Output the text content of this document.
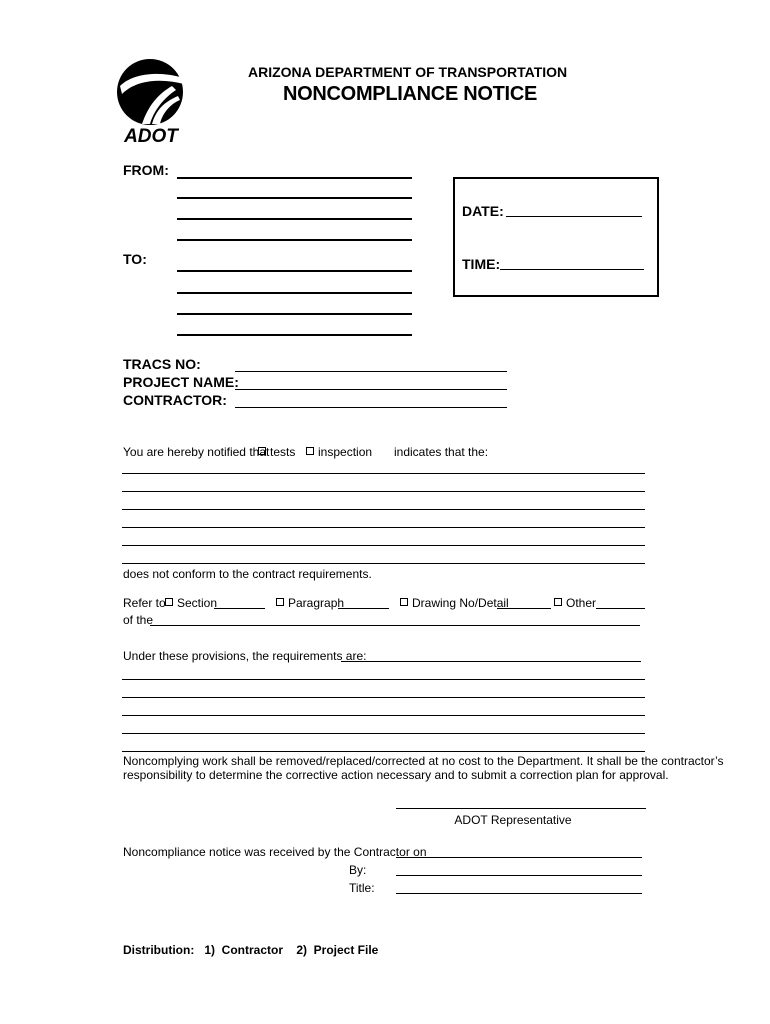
ADOT
ARIZONA DEPARTMENT OF TRANSPORTATION
NONCOMPLIANCE NOTICE
FROM:
TO:
DATE:
TIME:
TRACS NO:
PROJECT NAME:
CONTRACTOR:
You are hereby notified that tests	inspection indicates that the:
does not conform to the contract requirements.
Refer to Section	Paragraph	Drawing No/Detail	Other
of the
Under these provisions, the requirements are:
Noncomplying work shall be removed/replaced/corrected at no cost to the Department. It shall be the contractor’s
responsibility to determine the corrective action necessary and to submit a correction plan for approval.
ADOT Representative
Noncompliance notice was received by the Contractor on
By:
Title:
Distribution:   1)  Contractor    2)  Project File
